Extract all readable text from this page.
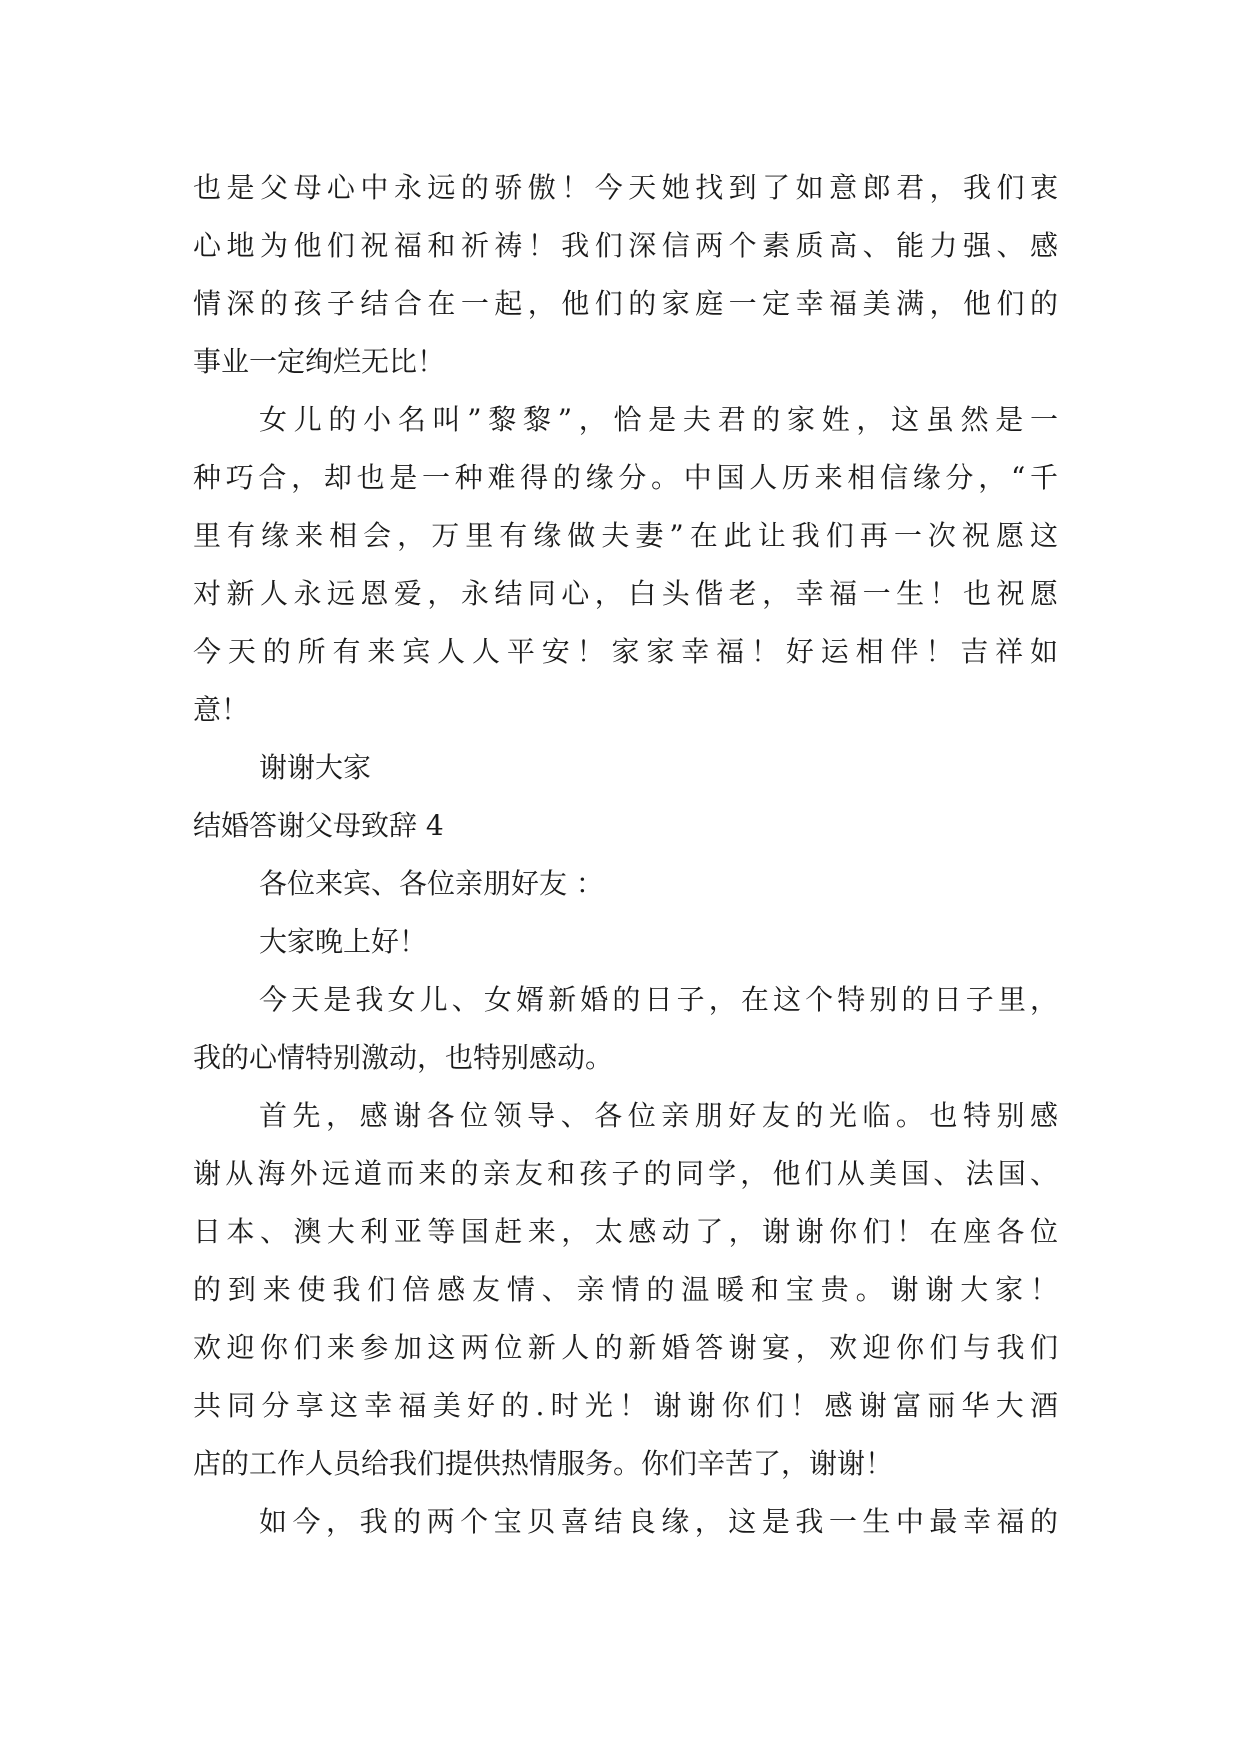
也是父母心中永远的骄傲！今天她找到了如意郎君，我们衷
心地为他们祝福和祈祷！我们深信两个素质高、能力强、感
情深的孩子结合在一起，他们的家庭一定幸福美满，他们的
事业一定绚烂无比！
女儿的小名叫”黎黎”，恰是夫君的家姓，这虽然是一
种巧合，却也是一种难得的缘分。中国人历来相信缘分，“千
里有缘来相会，万里有缘做夫妻”在此让我们再一次祝愿这
对新人永远恩爱，永结同心，白头偕老，幸福一生！也祝愿
今天的所有来宾人人平安！家家幸福！好运相伴！吉祥如
意！
谢谢大家
结婚答谢父母致辞 4
各位来宾、各位亲朋好友 ：
大家晚上好！
今天是我女儿、女婿新婚的日子，在这个特别的日子里，
我的心情特别激动，也特别感动。
首先，感谢各位领导、各位亲朋好友的光临。也特别感
谢从海外远道而来的亲友和孩子的同学，他们从美国、法国、
日本、澳大利亚等国赶来，太感动了，谢谢你们！在座各位
的到来使我们倍感友情、亲情的温暖和宝贵。谢谢大家！
欢迎你们来参加这两位新人的新婚答谢宴，欢迎你们与我们
共同分享这幸福美好的.时光！谢谢你们！感谢富丽华大酒
店的工作人员给我们提供热情服务。你们辛苦了，谢谢！
如今，我的两个宝贝喜结良缘，这是我一生中最幸福的
